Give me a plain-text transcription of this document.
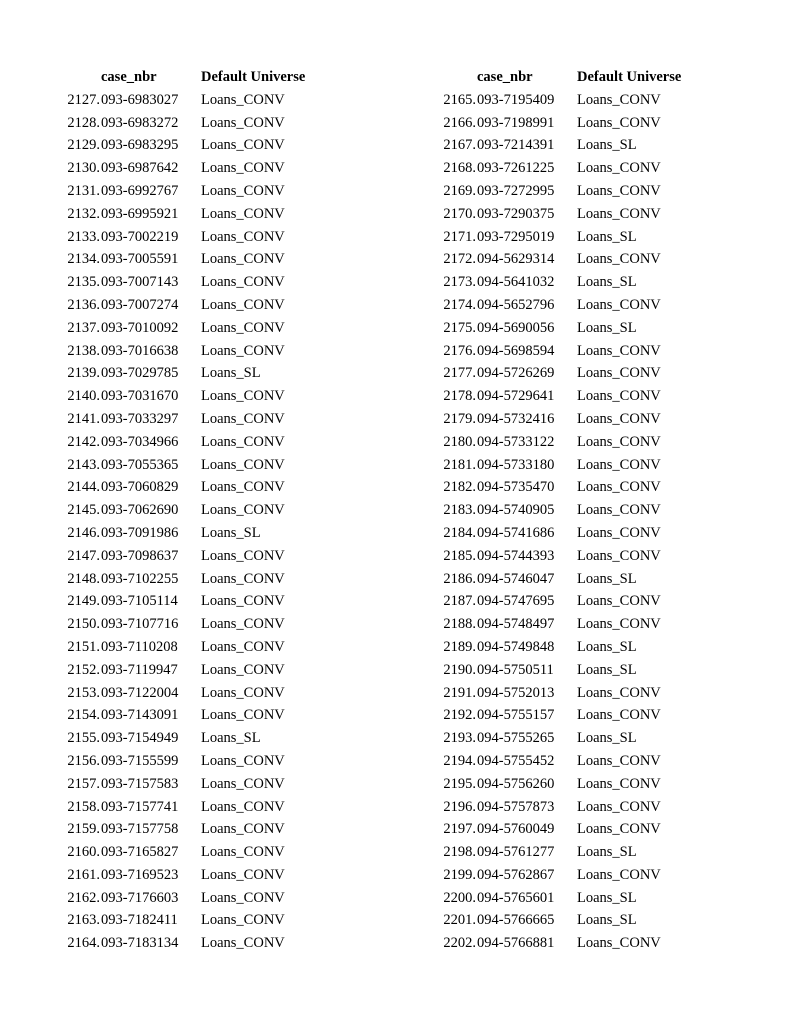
case_nbr	Default Universe
2127. 093-6983027	Loans_CONV
2128. 093-6983272	Loans_CONV
2129. 093-6983295	Loans_CONV
2130. 093-6987642	Loans_CONV
2131. 093-6992767	Loans_CONV
2132. 093-6995921	Loans_CONV
2133. 093-7002219	Loans_CONV
2134. 093-7005591	Loans_CONV
2135. 093-7007143	Loans_CONV
2136. 093-7007274	Loans_CONV
2137. 093-7010092	Loans_CONV
2138. 093-7016638	Loans_CONV
2139. 093-7029785	Loans_SL
2140. 093-7031670	Loans_CONV
2141. 093-7033297	Loans_CONV
2142. 093-7034966	Loans_CONV
2143. 093-7055365	Loans_CONV
2144. 093-7060829	Loans_CONV
2145. 093-7062690	Loans_CONV
2146. 093-7091986	Loans_SL
2147. 093-7098637	Loans_CONV
2148. 093-7102255	Loans_CONV
2149. 093-7105114	Loans_CONV
2150. 093-7107716	Loans_CONV
2151. 093-7110208	Loans_CONV
2152. 093-7119947	Loans_CONV
2153. 093-7122004	Loans_CONV
2154. 093-7143091	Loans_CONV
2155. 093-7154949	Loans_SL
2156. 093-7155599	Loans_CONV
2157. 093-7157583	Loans_CONV
2158. 093-7157741	Loans_CONV
2159. 093-7157758	Loans_CONV
2160. 093-7165827	Loans_CONV
2161. 093-7169523	Loans_CONV
2162. 093-7176603	Loans_CONV
2163. 093-7182411	Loans_CONV
2164. 093-7183134	Loans_CONV
case_nbr	Default Universe
2165. 093-7195409	Loans_CONV
2166. 093-7198991	Loans_CONV
2167. 093-7214391	Loans_SL
2168. 093-7261225	Loans_CONV
2169. 093-7272995	Loans_CONV
2170. 093-7290375	Loans_CONV
2171. 093-7295019	Loans_SL
2172. 094-5629314	Loans_CONV
2173. 094-5641032	Loans_SL
2174. 094-5652796	Loans_CONV
2175. 094-5690056	Loans_SL
2176. 094-5698594	Loans_CONV
2177. 094-5726269	Loans_CONV
2178. 094-5729641	Loans_CONV
2179. 094-5732416	Loans_CONV
2180. 094-5733122	Loans_CONV
2181. 094-5733180	Loans_CONV
2182. 094-5735470	Loans_CONV
2183. 094-5740905	Loans_CONV
2184. 094-5741686	Loans_CONV
2185. 094-5744393	Loans_CONV
2186. 094-5746047	Loans_SL
2187. 094-5747695	Loans_CONV
2188. 094-5748497	Loans_CONV
2189. 094-5749848	Loans_SL
2190. 094-5750511	Loans_SL
2191. 094-5752013	Loans_CONV
2192. 094-5755157	Loans_CONV
2193. 094-5755265	Loans_SL
2194. 094-5755452	Loans_CONV
2195. 094-5756260	Loans_CONV
2196. 094-5757873	Loans_CONV
2197. 094-5760049	Loans_CONV
2198. 094-5761277	Loans_SL
2199. 094-5762867	Loans_CONV
2200. 094-5765601	Loans_SL
2201. 094-5766665	Loans_SL
2202. 094-5766881	Loans_CONV
